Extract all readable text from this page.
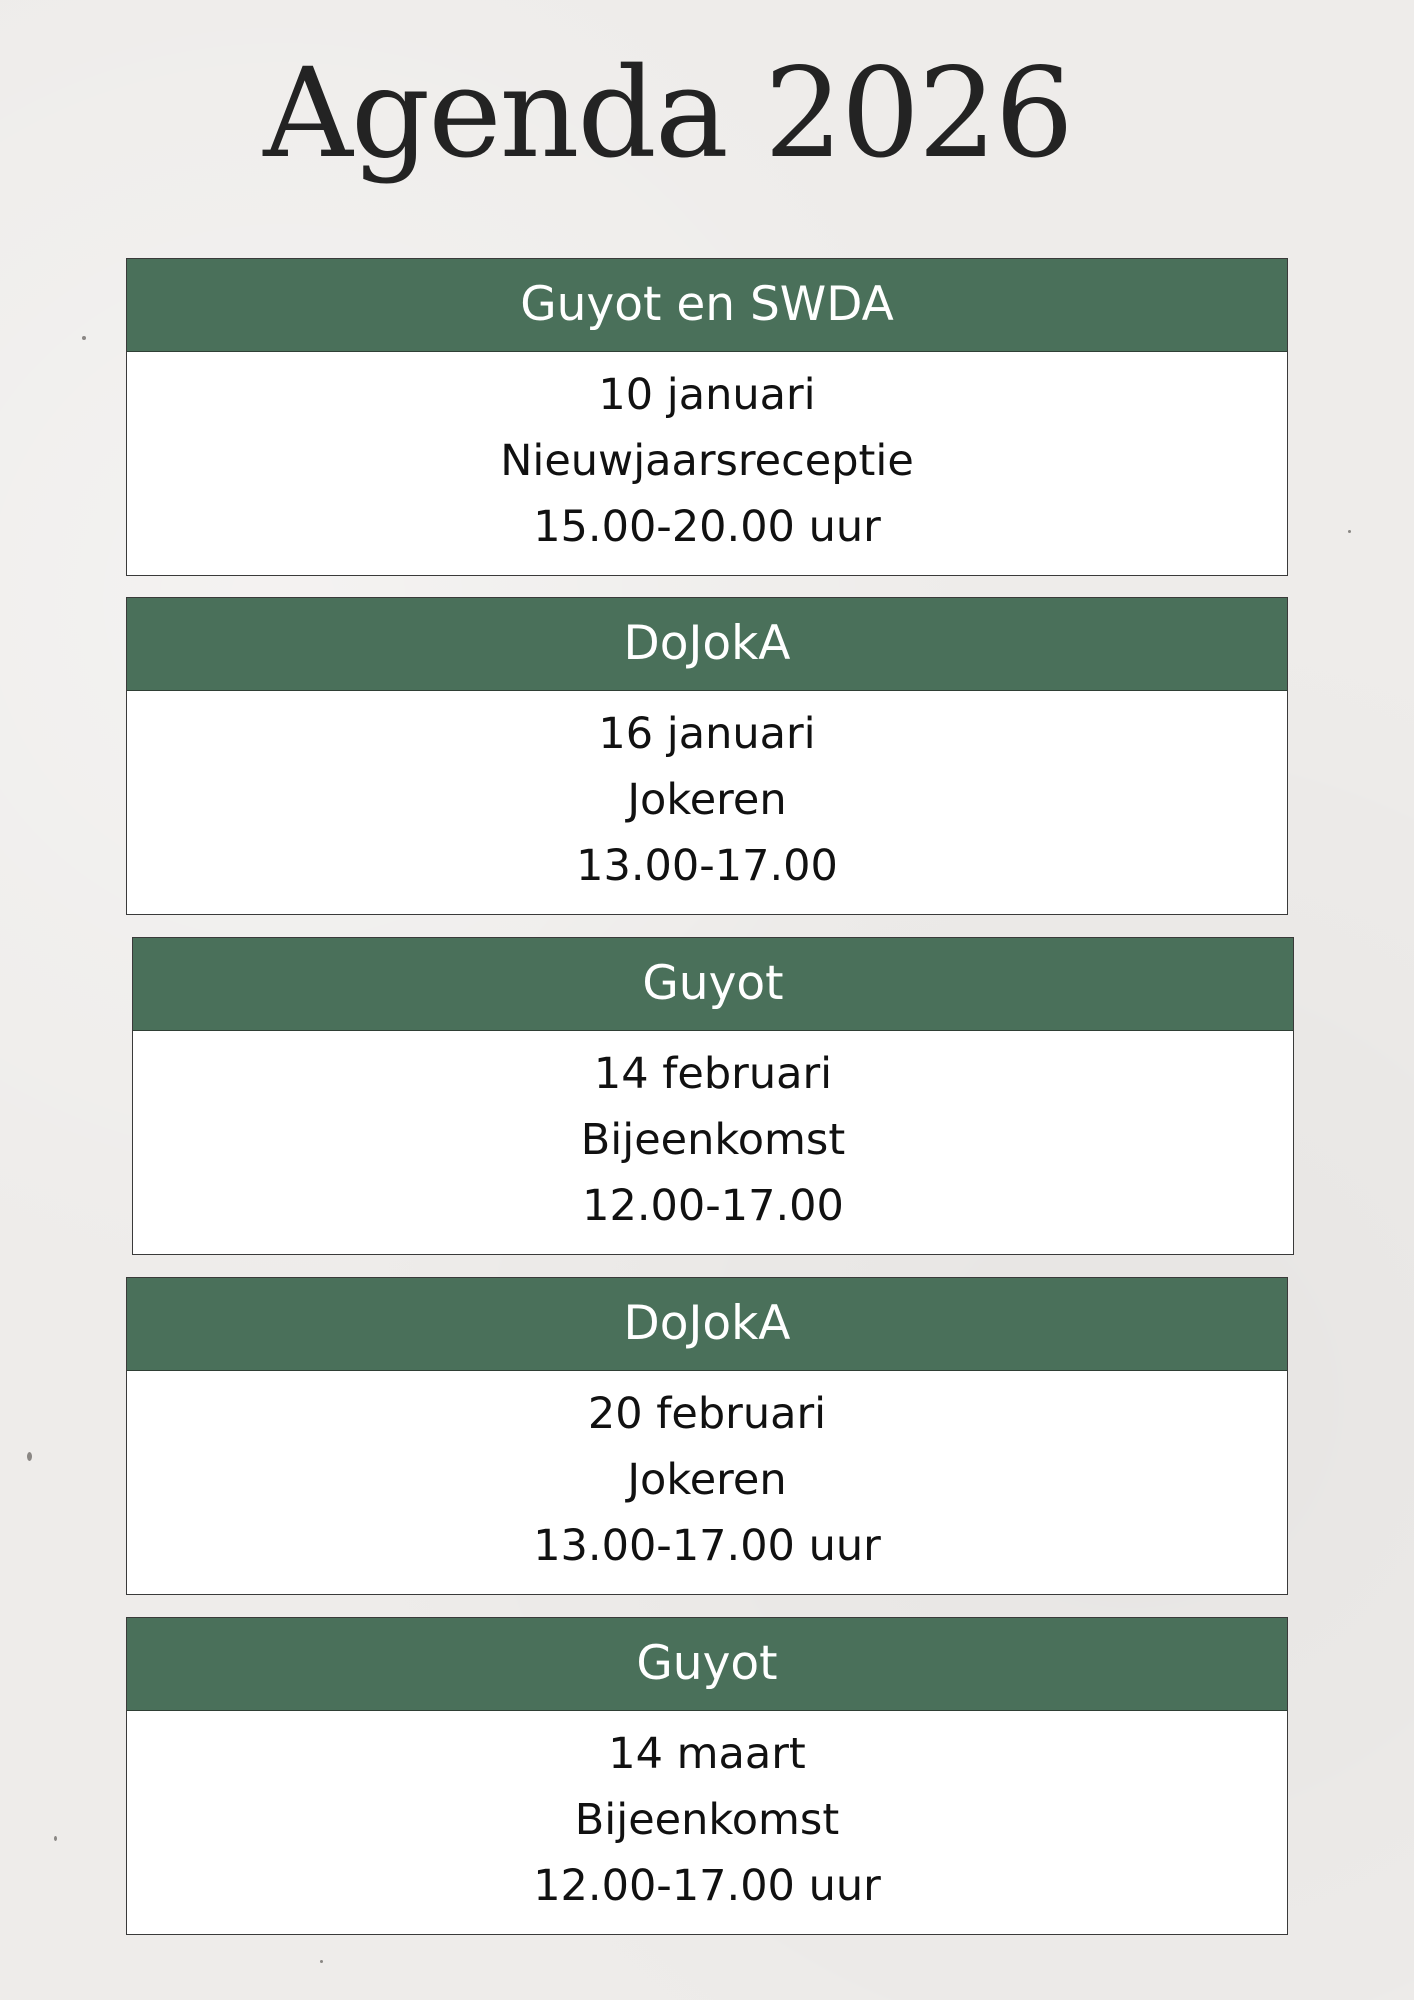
Agenda 2026
Guyot en SWDA
10 januari
Nieuwjaarsreceptie
15.00-20.00 uur
DoJokA
16 januari
Jokeren
13.00-17.00
Guyot
14 februari
Bijeenkomst
12.00-17.00
DoJokA
20 februari
Jokeren
13.00-17.00 uur
Guyot
14 maart
Bijeenkomst
12.00-17.00 uur
Subject
